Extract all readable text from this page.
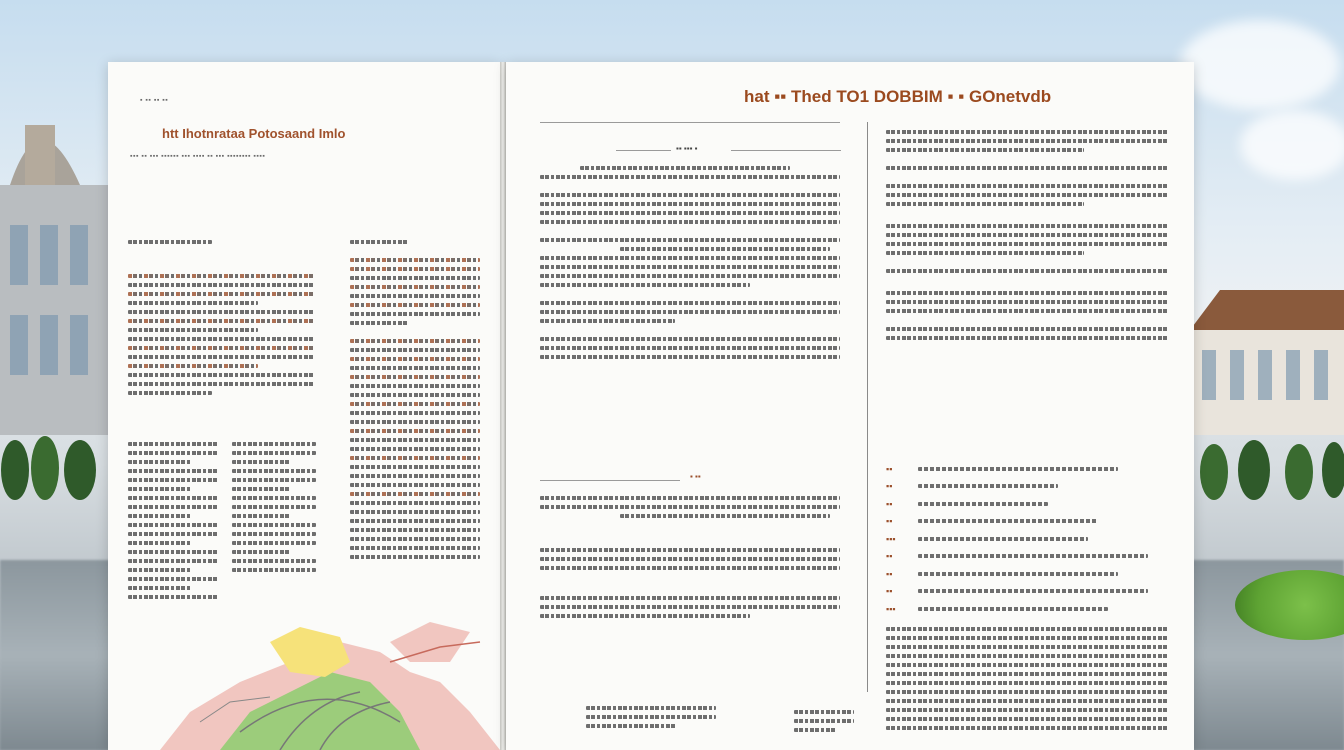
▪ ▪▪ ▪▪ ▪▪
htt Ihotnrataa Potosaand Imlo
▪▪▪ ▪▪ ▪▪▪ ▪▪▪▪▪▪ ▪▪▪ ▪▪▪▪ ▪▪ ▪▪▪ ▪▪▪▪▪▪▪▪ ▪▪▪▪
hat ▪▪ Thed TO1 DOBBIM ▪ ▪ GOnetvdb
▪▪ ▪▪▪ ▪
▪ ▪▪
▪▪
▪▪
▪▪
▪▪
▪▪▪
▪▪
▪▪
▪▪
▪▪▪
